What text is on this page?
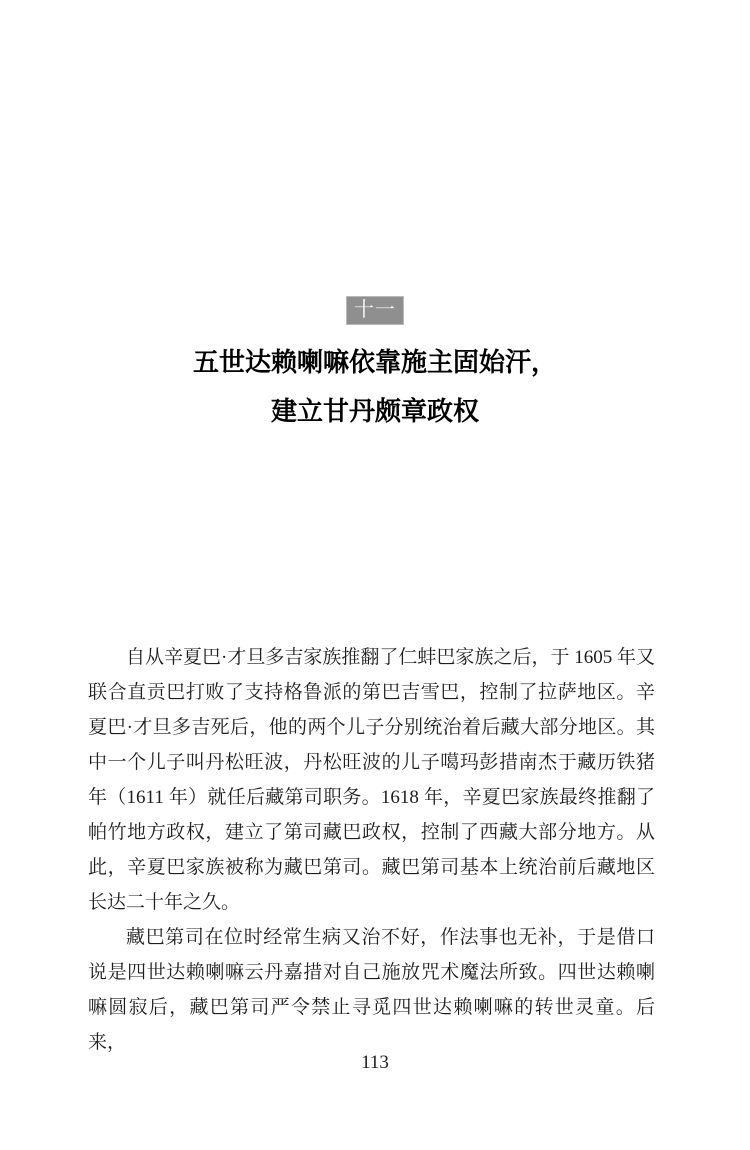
十一
五世达赖喇嘛依靠施主固始汗，
建立甘丹颇章政权

自从辛夏巴·才旦多吉家族推翻了仁蚌巴家族之后，于 1605 年又联合直贡巴打败了支持格鲁派的第巴吉雪巴，控制了拉萨地区。辛夏巴·才旦多吉死后，他的两个儿子分别统治着后藏大部分地区。其中一个儿子叫丹松旺波，丹松旺波的儿子噶玛彭措南杰于藏历铁猪年（1611 年）就任后藏第司职务。1618 年，辛夏巴家族最终推翻了帕竹地方政权，建立了第司藏巴政权，控制了西藏大部分地方。从此，辛夏巴家族被称为藏巴第司。藏巴第司基本上统治前后藏地区长达二十年之久。

藏巴第司在位时经常生病又治不好，作法事也无补，于是借口说是四世达赖喇嘛云丹嘉措对自己施放咒术魔法所致。四世达赖喇嘛圆寂后，藏巴第司严令禁止寻觅四世达赖喇嘛的转世灵童。后来，

113
